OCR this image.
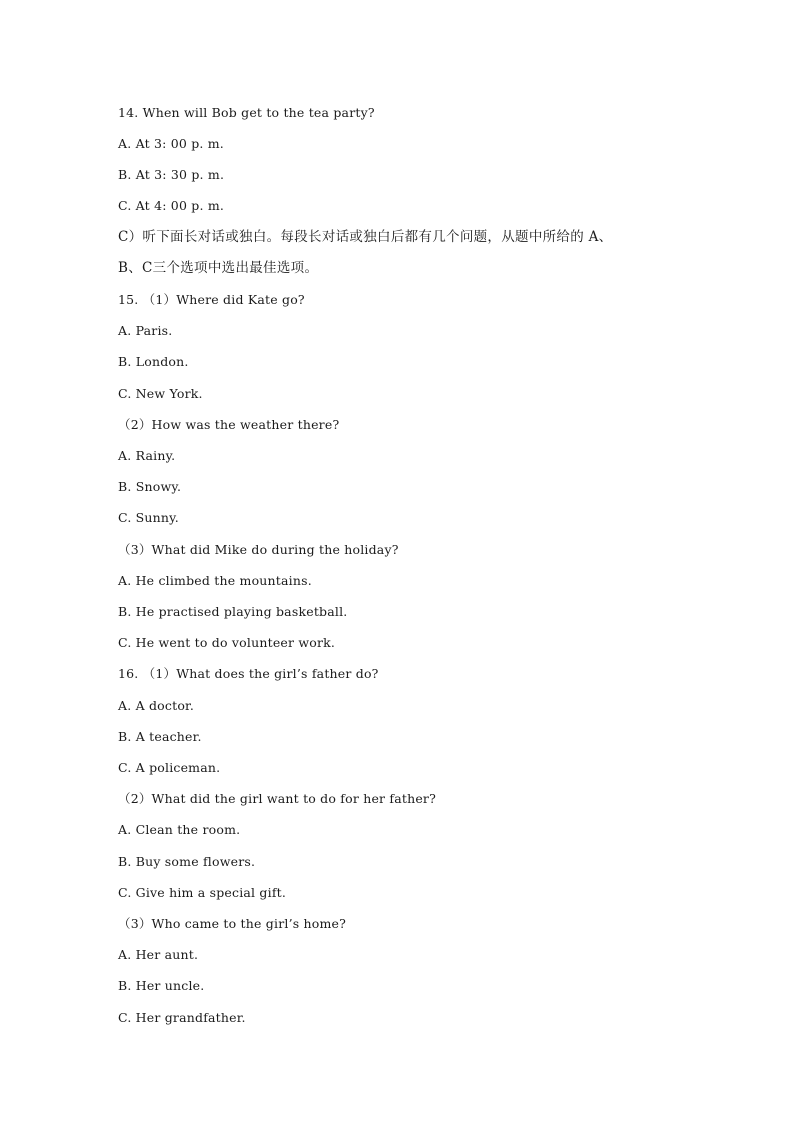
14. When will Bob get to the tea party?
A. At 3: 00 p. m.
B. At 3: 30 p. m.
C. At 4: 00 p. m.
C）听下面长对话或独白。每段长对话或独白后都有几个问题，从题中所给的 A、
B、C三个选项中选出最佳选项。
15. （1）Where did Kate go?
A. Paris.
B. London.
C. New York.
（2）How was the weather there?
A. Rainy.
B. Snowy.
C. Sunny.
（3）What did Mike do during the holiday?
A. He climbed the mountains.
B. He practised playing basketball.
C. He went to do volunteer work.
16. （1）What does the girl’s father do?
A. A doctor.
B. A teacher.
C. A policeman.
（2）What did the girl want to do for her father?
A. Clean the room.
B. Buy some flowers.
C. Give him a special gift.
（3）Who came to the girl’s home?
A. Her aunt.
B. Her uncle.
C. Her grandfather.
